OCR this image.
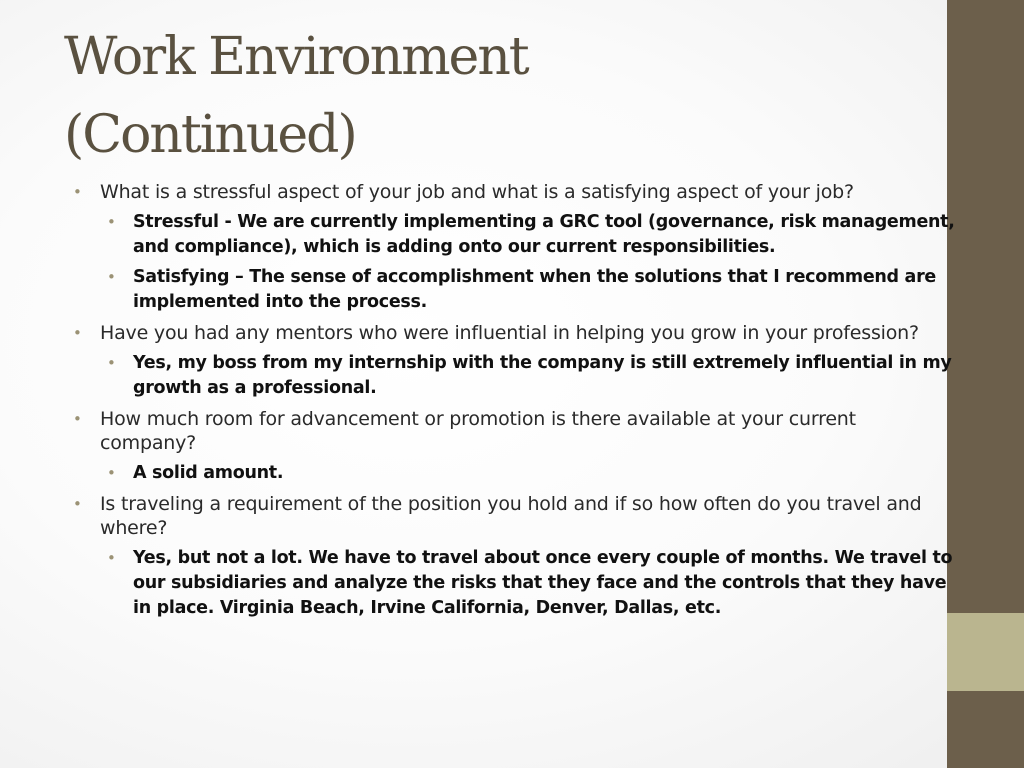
Work Environment
(Continued)
• What is a stressful aspect of your job and what is a satisfying aspect of your job?
• Stressful - We are currently implementing a GRC tool (governance, risk management, and compliance), which is adding onto our current responsibilities.
• Satisfying – The sense of accomplishment when the solutions that I recommend are implemented into the process.
• Have you had any mentors who were influential in helping you grow in your profession?
• Yes, my boss from my internship with the company is still extremely influential in my growth as a professional.
• How much room for advancement or promotion is there available at your current company?
• A solid amount.
• Is traveling a requirement of the position you hold and if so how often do you travel and where?
• Yes, but not a lot. We have to travel about once every couple of months. We travel to our subsidiaries and analyze the risks that they face and the controls that they have in place. Virginia Beach, Irvine California, Denver, Dallas, etc.
